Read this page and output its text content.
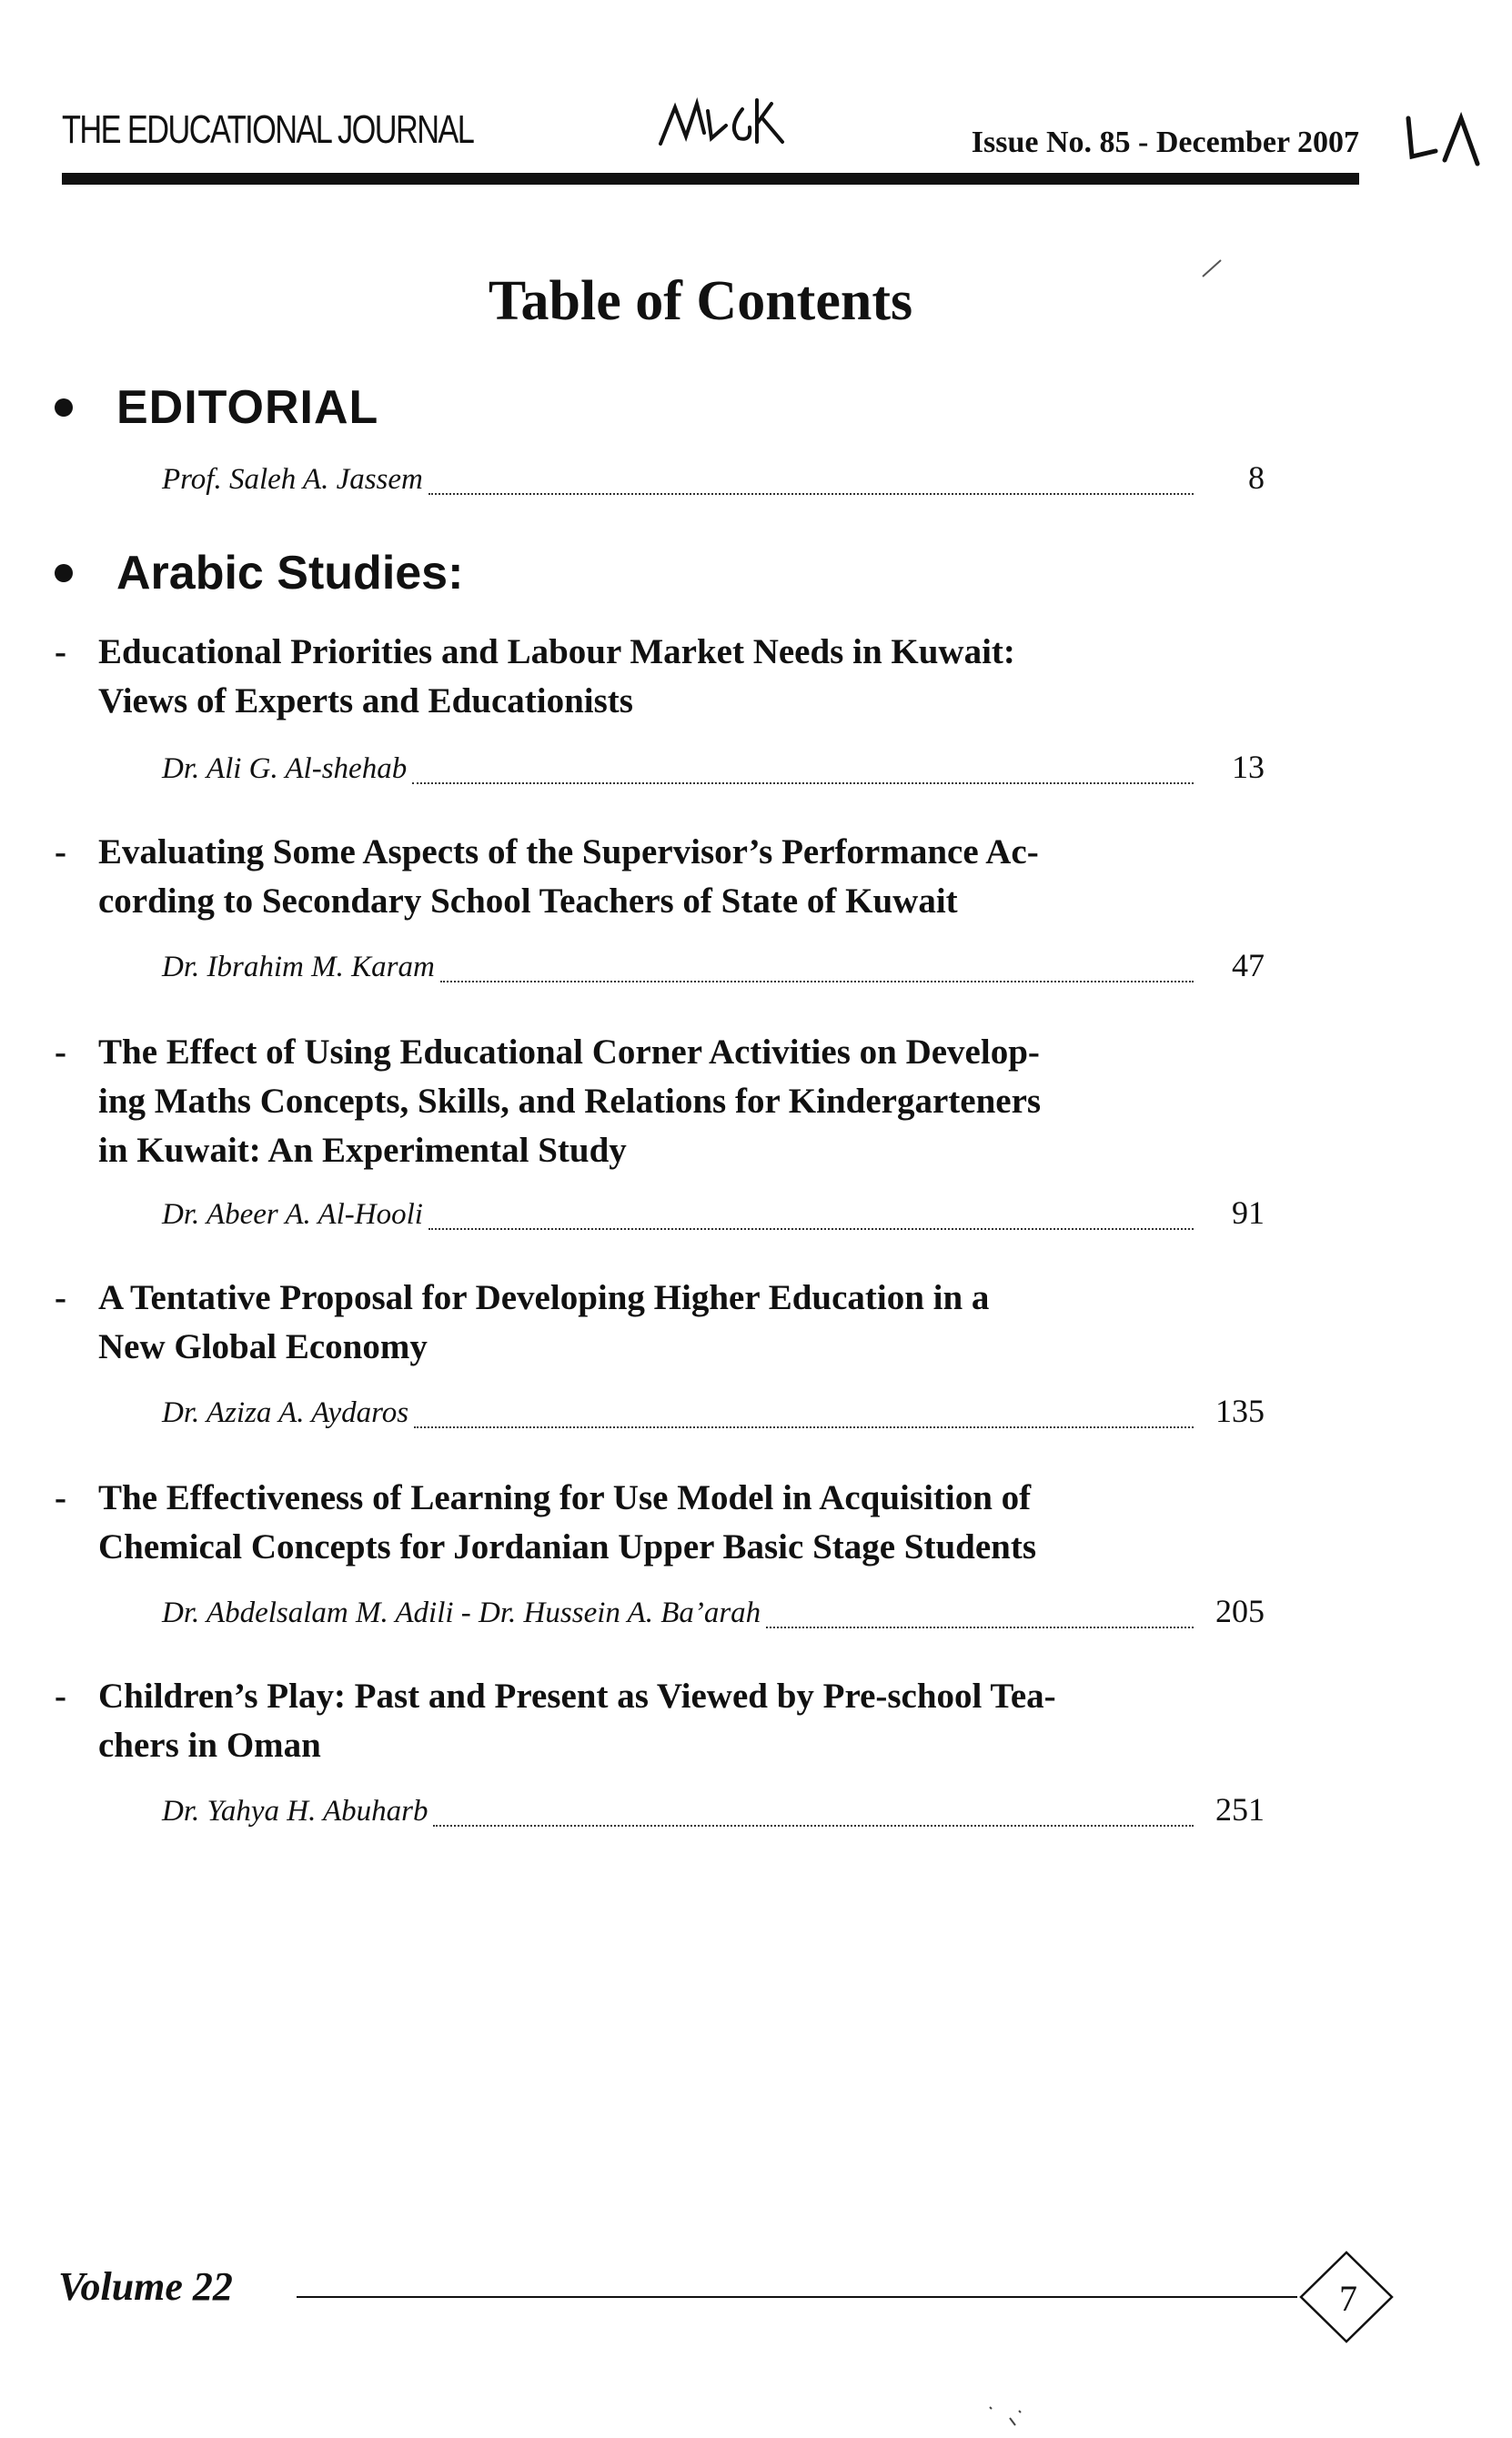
THE EDUCATIONAL JOURNAL	Issue No. 85 - December 2007
Table of Contents
EDITORIAL
Prof. Saleh A. Jassem	8
Arabic Studies:
- Educational Priorities and Labour Market Needs in Kuwait:
Views of Experts and Educationists
Dr. Ali G. Al-shehab	13
- Evaluating Some Aspects of the Supervisor’s Performance Ac-
cording to Secondary School Teachers of State of Kuwait
Dr. Ibrahim M. Karam	47
- The Effect of Using Educational Corner Activities on Develop-
ing Maths Concepts, Skills, and Relations for Kindergarteners
in Kuwait: An Experimental Study
Dr. Abeer A. Al-Hooli	91
- A Tentative Proposal for Developing Higher Education in a
New Global Economy
Dr. Aziza A. Aydaros	135
- The Effectiveness of Learning for Use Model in Acquisition of
Chemical Concepts for Jordanian Upper Basic Stage Students
Dr. Abdelsalam M. Adili - Dr. Hussein A. Ba’arah	205
- Children’s Play: Past and Present as Viewed by Pre-school Tea-
chers in Oman
Dr. Yahya H. Abuharb	251
Volume 22	7
